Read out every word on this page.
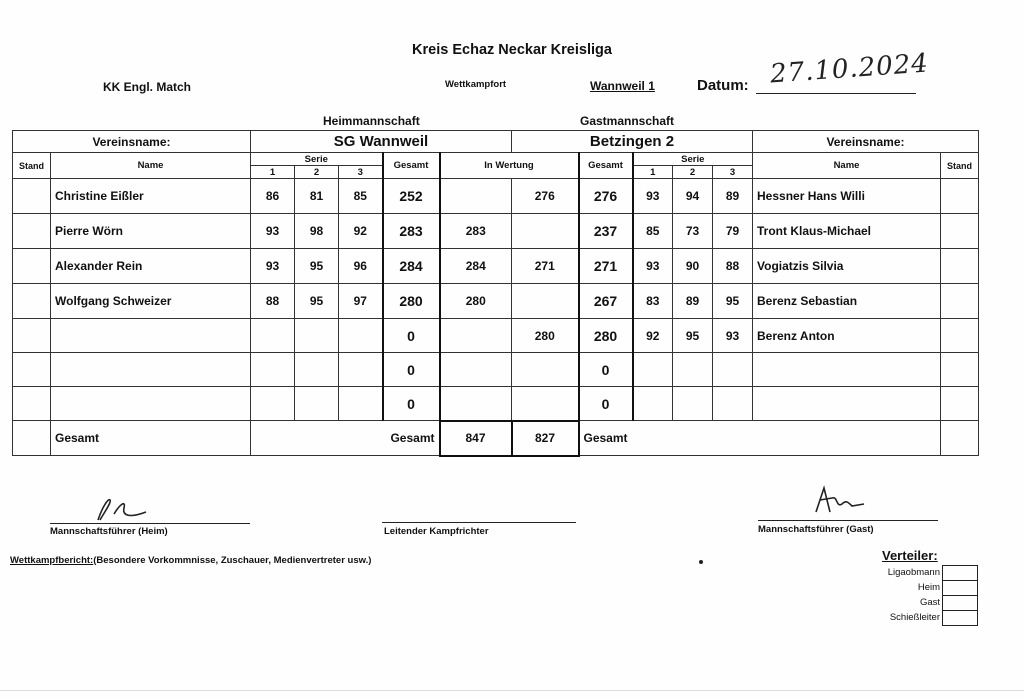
Kreis Echaz Neckar Kreisliga
KK Engl. Match	Wettkampfort	Wannweil 1	Datum: 27.10.2024
Heimmannschaft	Gastmannschaft
Vereinsname:		SG Wannweil					Betzingen 2					Vereinsname:	
Stand	Name	Serie			Gesamt	In Wertung		Gesamt	Serie			Name	Stand
		1	2	3					1	2	3		
	Christine Eißler	86	81	85	252		276	276	93	94	89	Hessner Hans Willi	
	Pierre Wörn	93	98	92	283	283		237	85	73	79	Tront Klaus-Michael	
	Alexander Rein	93	95	96	284	284	271	271	93	90	88	Vogiatzis Silvia	
	Wolfgang Schweizer	88	95	97	280	280		267	83	89	95	Berenz Sebastian	
					0		280	280	92	95	93	Berenz Anton	
					0			0					
					0			0					
	Gesamt	Gesamt				847	827	Gesamt					
Mannschaftsführer (Heim)	Leitender Kampfrichter	Mannschaftsführer (Gast)
Wettkampfbericht:(Besondere Vorkommnisse, Zuschauer, Medienvertreter usw.)	Verteiler:
Ligaobmann
Heim
Gast
Schießleiter
